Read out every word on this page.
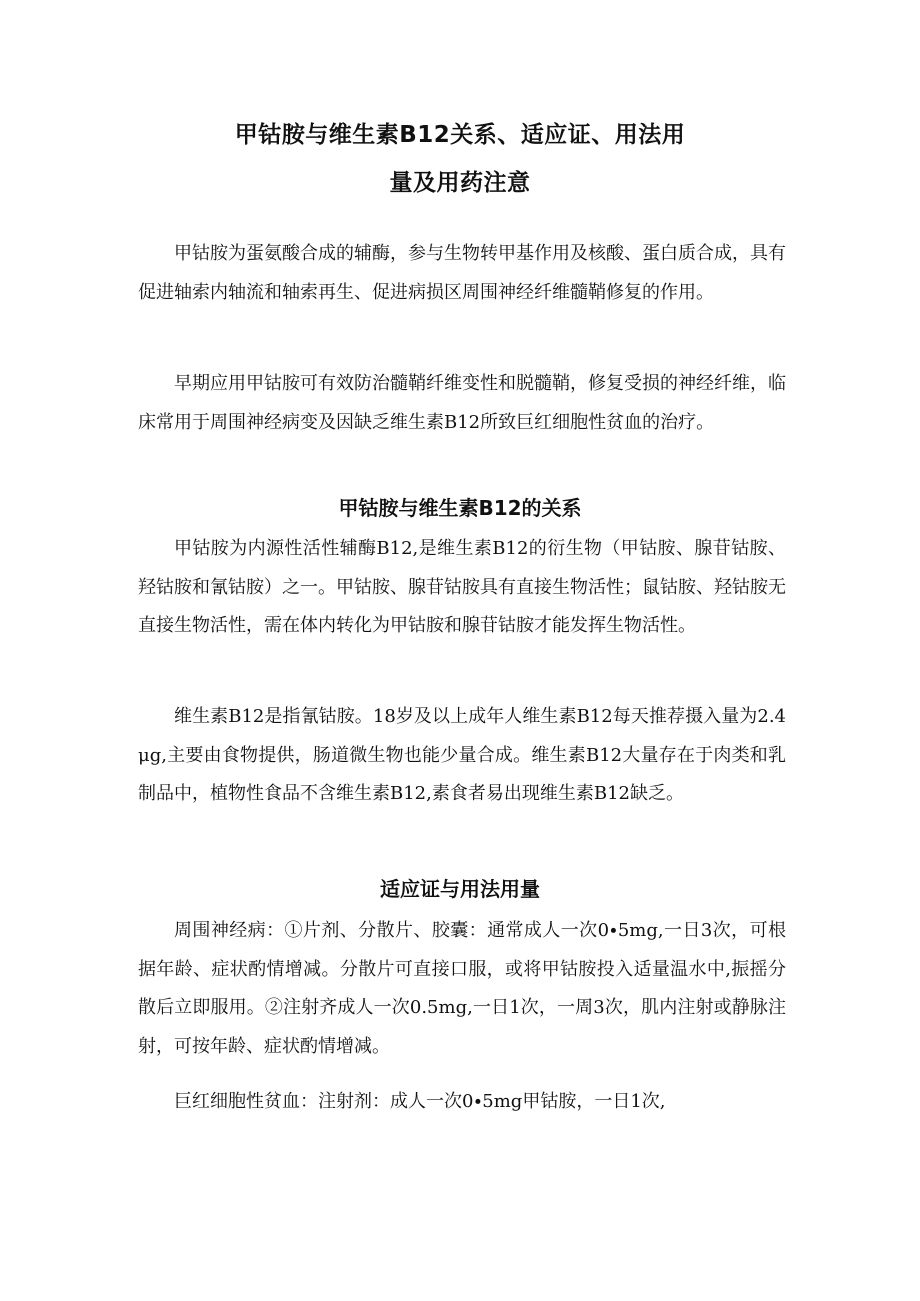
甲钴胺与维生素B12关系、适应证、用法用
量及用药注意

甲钴胺为蛋氨酸合成的辅酶，参与生物转甲基作用及核酸、蛋白质合成，具有促进轴索内轴流和轴索再生、促进病损区周围神经纤维髓鞘修复的作用。

早期应用甲钴胺可有效防治髓鞘纤维变性和脱髓鞘，修复受损的神经纤维，临床常用于周围神经病变及因缺乏维生素B12所致巨红细胞性贫血的治疗。

甲钴胺与维生素B12的关系

甲钴胺为内源性活性辅酶B12,是维生素B12的衍生物（甲钴胺、腺苷钴胺、羟钴胺和氰钴胺）之一。甲钴胺、腺苷钴胺具有直接生物活性；鼠钴胺、羟钴胺无直接生物活性，需在体内转化为甲钴胺和腺苷钴胺才能发挥生物活性。

维生素B12是指氰钴胺。18岁及以上成年人维生素B12每天推荐摄入量为2.4μg,主要由食物提供，肠道微生物也能少量合成。维生素B12大量存在于肉类和乳制品中，植物性食品不含维生素B12,素食者易出现维生素B12缺乏。

适应证与用法用量

周围神经病：①片剂、分散片、胶囊：通常成人一次0∙5mg,一日3次，可根据年龄、症状酌情增减。分散片可直接口服，或将甲钴胺投入适量温水中,振摇分散后立即服用。②注射齐成人一次0.5mg,一日1次，一周3次，肌内注射或静脉注射，可按年龄、症状酌情增减。

巨红细胞性贫血：注射剂：成人一次0∙5mg甲钴胺，一日1次,
